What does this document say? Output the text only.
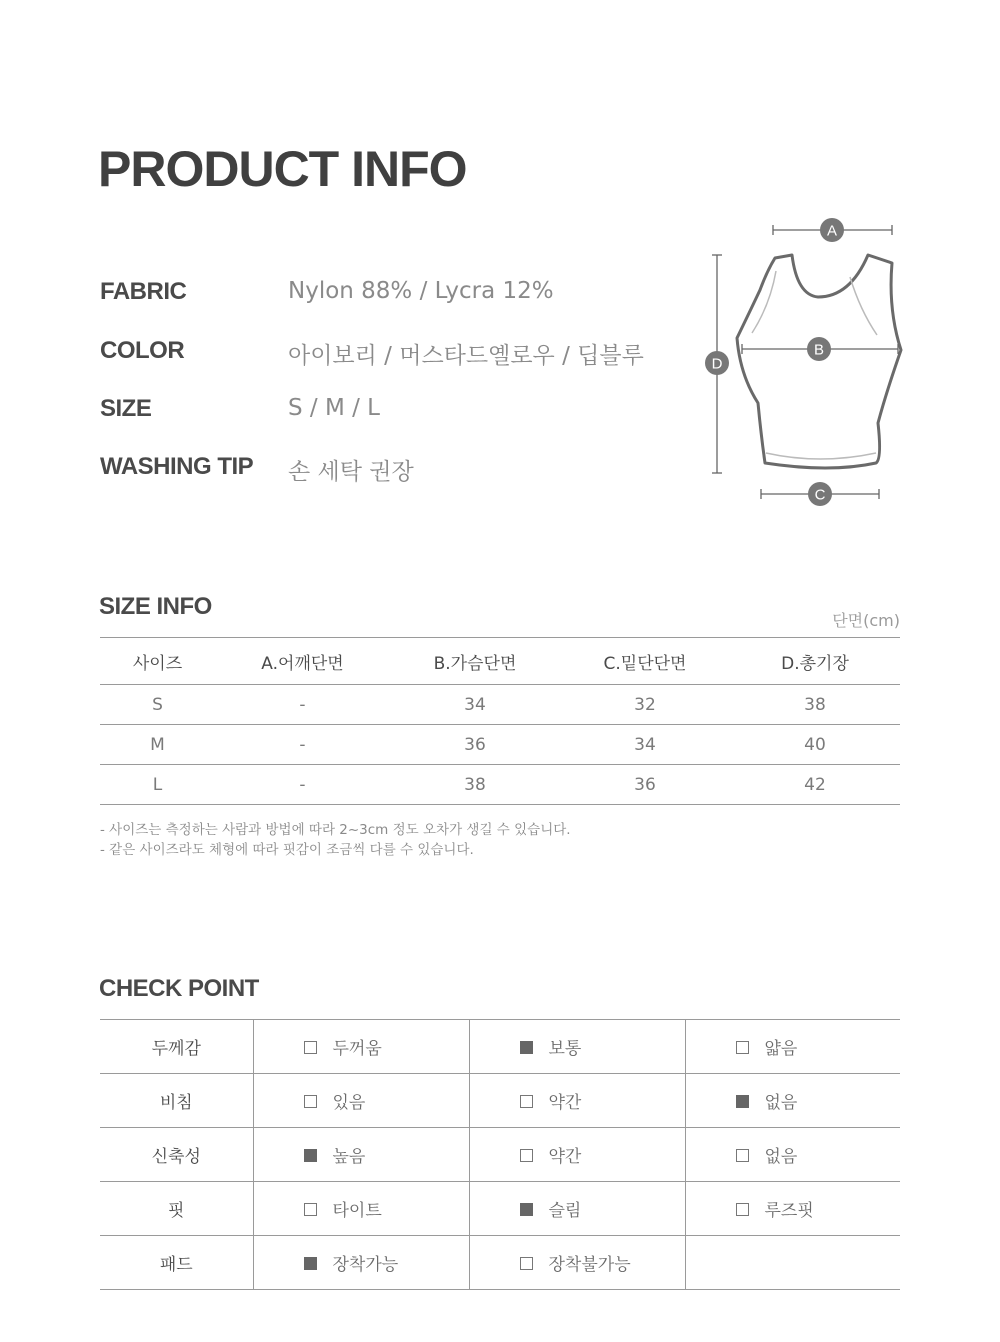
PRODUCT INFO
FABRIC	Nylon 88% / Lycra 12%
COLOR	아이보리 / 머스타드옐로우 / 딥블루
SIZE	S / M / L
WASHING TIP	손 세탁 권장
A
B
C
D
SIZE INFO
단면(cm)
사이즈	A.어깨단면	B.가슴단면	C.밑단단면	D.총기장
S	-	34	32	38
M	-	36	34	40
L	-	38	36	42
- 사이즈는 측정하는 사람과 방법에 따라 2~3cm 정도 오차가 생길 수 있습니다.
- 같은 사이즈라도 체형에 따라 핏감이 조금씩 다를 수 있습니다.
CHECK POINT
두께감	두꺼움	보통	얇음
비침	있음	약간	없음
신축성	높음	약간	없음
핏	타이트	슬림	루즈핏
패드	장착가능	장착불가능	
